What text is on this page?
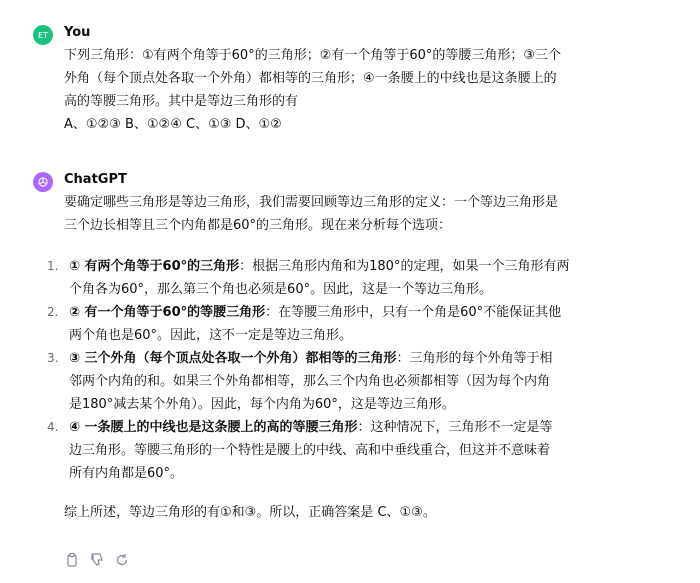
ET You
下列三角形：①有两个角等于60°的三角形；②有一个角等于60°的等腰三角形；③三个
外角（每个顶点处各取一个外角）都相等的三角形；④一条腰上的中线也是这条腰上的
高的等腰三角形。其中是等边三角形的有
A、①②③ B、①②④ C、①③ D、①②
ChatGPT
要确定哪些三角形是等边三角形，我们需要回顾等边三角形的定义：一个等边三角形是
三个边长相等且三个内角都是60°的三角形。现在来分析每个选项：
1. ① 有两个角等于60°的三角形：根据三角形内角和为180°的定理，如果一个三角形有两
个角各为60°，那么第三个角也必须是60°。因此，这是一个等边三角形。
2. ② 有一个角等于60°的等腰三角形：在等腰三角形中，只有一个角是60°不能保证其他
两个角也是60°。因此，这不一定是等边三角形。
3. ③ 三个外角（每个顶点处各取一个外角）都相等的三角形：三角形的每个外角等于相
邻两个内角的和。如果三个外角都相等，那么三个内角也必须都相等（因为每个内角
是180°减去某个外角）。因此，每个内角为60°，这是等边三角形。
4. ④ 一条腰上的中线也是这条腰上的高的等腰三角形：这种情况下，三角形不一定是等
边三角形。等腰三角形的一个特性是腰上的中线、高和中垂线重合，但这并不意味着
所有内角都是60°。
综上所述，等边三角形的有①和③。所以，正确答案是 C、①③。
